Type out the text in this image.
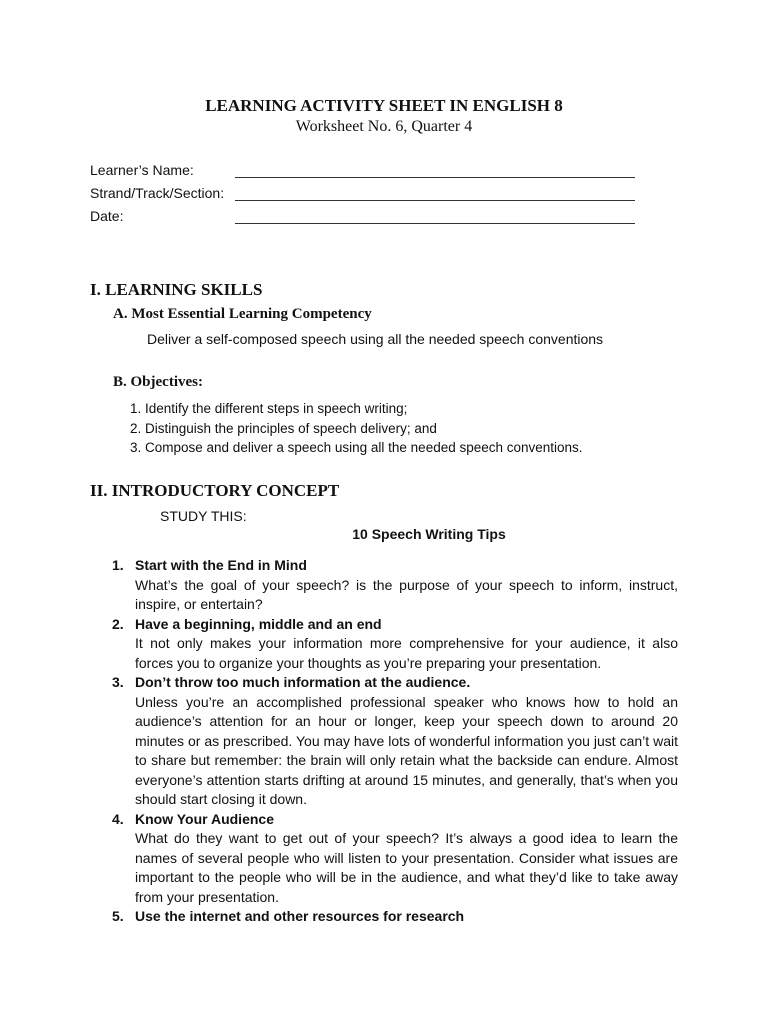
LEARNING ACTIVITY SHEET IN ENGLISH 8
Worksheet No. 6, Quarter 4
Learner’s Name:
Strand/Track/Section:
Date:
I. LEARNING SKILLS
A. Most Essential Learning Competency
Deliver a self-composed speech using all the needed speech conventions
B. Objectives:
1. Identify the different steps in speech writing;
2. Distinguish the principles of speech delivery; and
3. Compose and deliver a speech using all the needed speech conventions.
II. INTRODUCTORY CONCEPT
STUDY THIS:
10 Speech Writing Tips
1. Start with the End in Mind
What’s the goal of your speech? is the purpose of your speech to inform, instruct, inspire, or entertain?
2. Have a beginning, middle and an end
It not only makes your information more comprehensive for your audience, it also forces you to organize your thoughts as you’re preparing your presentation.
3. Don’t throw too much information at the audience.
Unless you’re an accomplished professional speaker who knows how to hold an audience’s attention for an hour or longer, keep your speech down to around 20 minutes or as prescribed. You may have lots of wonderful information you just can’t wait to share but remember: the brain will only retain what the backside can endure. Almost everyone’s attention starts drifting at around 15 minutes, and generally, that’s when you should start closing it down.
4. Know Your Audience
What do they want to get out of your speech? It’s always a good idea to learn the names of several people who will listen to your presentation. Consider what issues are important to the people who will be in the audience, and what they’d like to take away from your presentation.
5. Use the internet and other resources for research
